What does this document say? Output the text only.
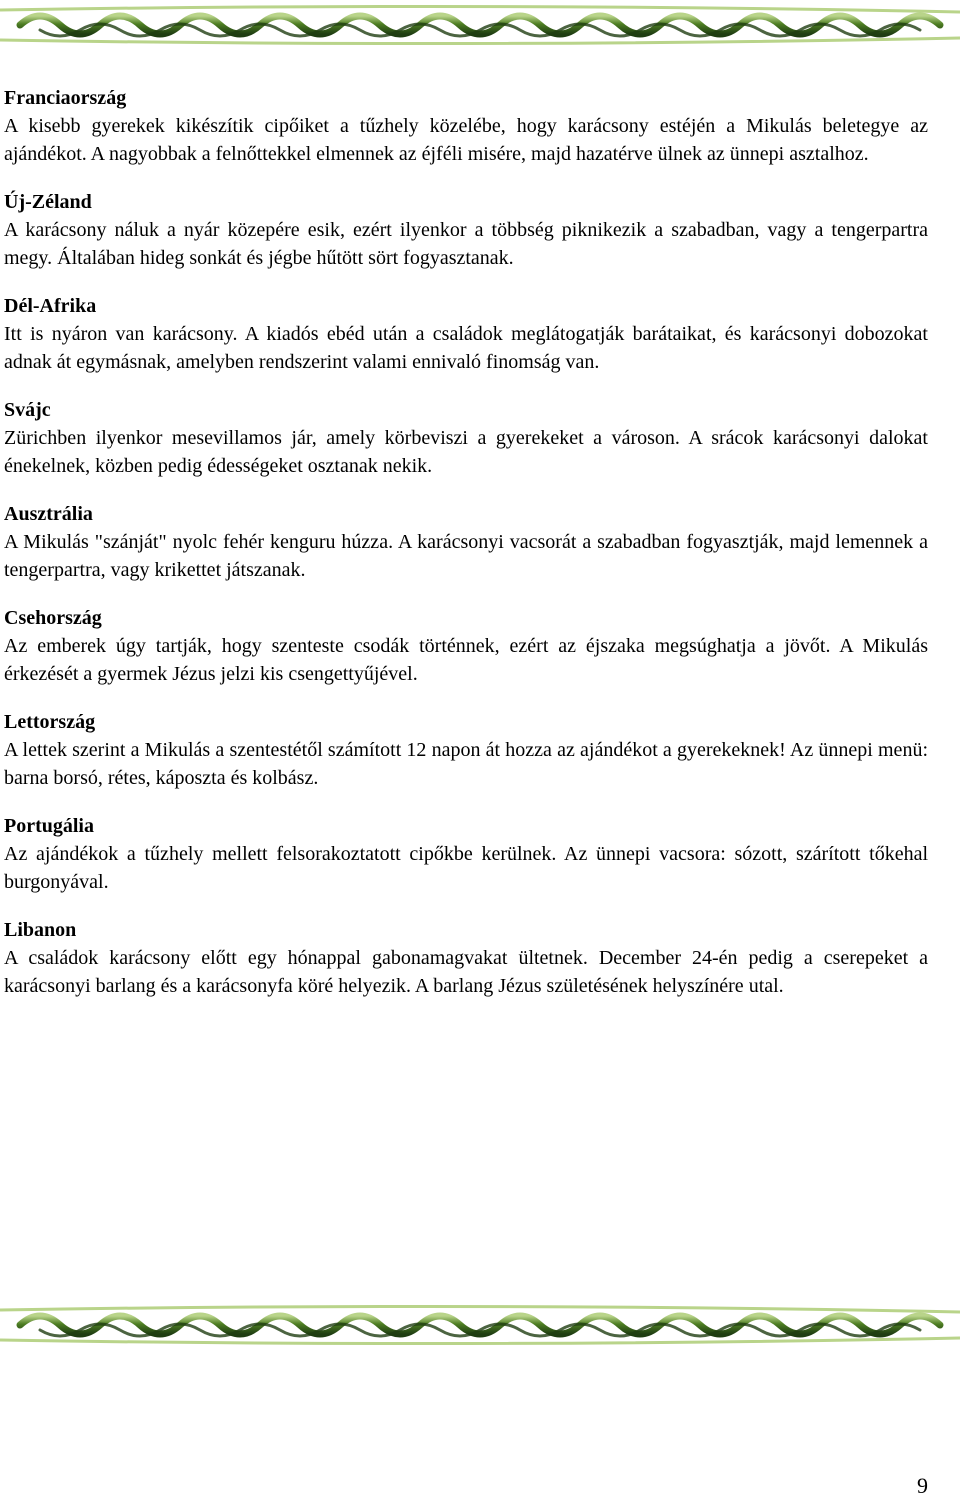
Franciaország

A kisebb gyerekek kikészítik cipőiket a tűzhely közelébe, hogy karácsony estéjén a Mikulás beletegye az ajándékot. A nagyobbak a felnőttekkel elmennek az éjféli misére, majd hazatérve ülnek az ünnepi asztalhoz.

Új-Zéland

A karácsony náluk a nyár közepére esik, ezért ilyenkor a többség piknikezik a szabadban, vagy a tengerpartra megy. Általában hideg sonkát és jégbe hűtött sört fogyasztanak.

Dél-Afrika

Itt is nyáron van karácsony. A kiadós ebéd után a családok meglátogatják barátaikat, és karácsonyi dobozokat adnak át egymásnak, amelyben rendszerint valami ennivaló finomság van.

Svájc

Zürichben ilyenkor mesevillamos jár, amely körbeviszi a gyerekeket a városon. A srácok karácsonyi dalokat énekelnek, közben pedig édességeket osztanak nekik.

Ausztrália

A Mikulás "szánját" nyolc fehér kenguru húzza. A karácsonyi vacsorát a szabadban fogyasztják, majd lemennek a tengerpartra, vagy krikettet játszanak.

Csehország

Az emberek úgy tartják, hogy szenteste csodák történnek, ezért az éjszaka megsúghatja a jövőt. A Mikulás érkezését a gyermek Jézus jelzi kis csengettyűjével.

Lettország

A lettek szerint a Mikulás a szentestétől számított 12 napon át hozza az ajándékot a gyerekeknek! Az ünnepi menü: barna borsó, rétes, káposzta és kolbász.

Portugália

Az ajándékok a tűzhely mellett felsorakoztatott cipőkbe kerülnek. Az ünnepi vacsora: sózott, szárított tőkehal burgonyával.

Libanon

A családok karácsony előtt egy hónappal gabonamagvakat ültetnek. December 24-én pedig a cserepeket a karácsonyi barlang és a karácsonyfa köré helyezik. A barlang Jézus születésének helyszínére utal.

9
